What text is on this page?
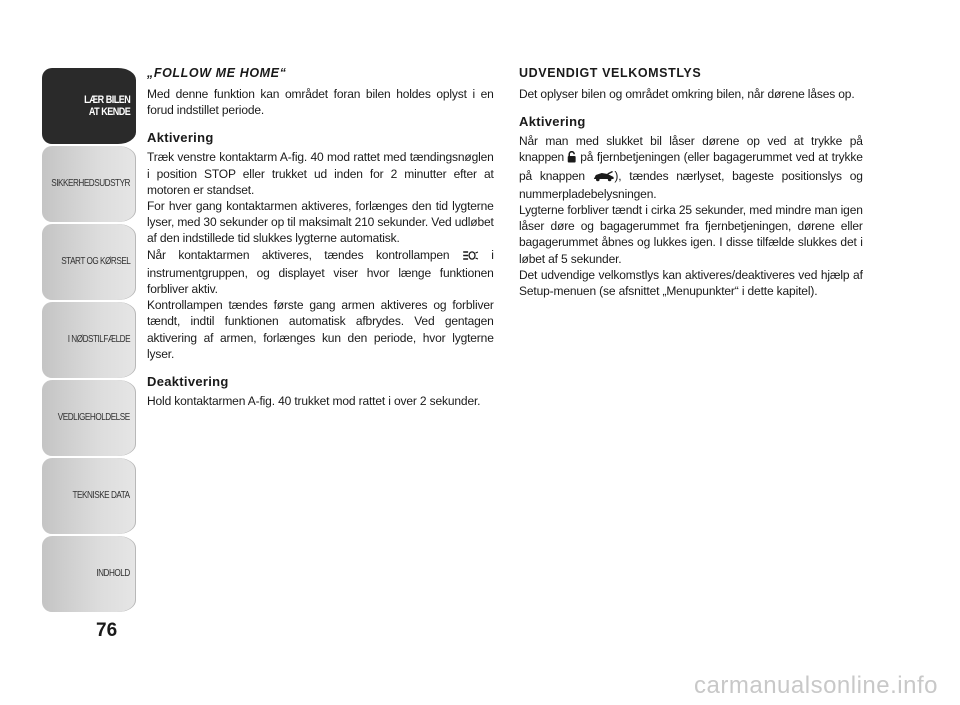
LÆR BILEN
AT KENDE
SIKKERHEDSUDSTYR
START OG KØRSEL
I NØDSTILFÆLDE
VEDLIGEHOLDELSE
TEKNISKE DATA
INDHOLD
76
„FOLLOW ME HOME“

Med denne funktion kan området foran bilen holdes oplyst i en forud indstillet periode.

Aktivering

Træk venstre kontaktarm A-fig. 40 mod rattet med tændingsnøglen i position STOP eller trukket ud inden for 2 minutter efter at motoren er standset.

For hver gang kontaktarmen aktiveres, forlænges den tid lygterne lyser, med 30 sekunder op til maksimalt 210 sekunder. Ved udløbet af den indstillede tid slukkes lygterne automatisk.

Når kontaktarmen aktiveres, tændes kontrollampen  i instrumentgruppen, og displayet viser hvor længe funktionen forbliver aktiv.

Kontrollampen tændes første gang armen aktiveres og forbliver tændt, indtil funktionen automatisk afbrydes. Ved gentagen aktivering af armen, forlænges kun den periode, hvor lygterne lyser.

Deaktivering

Hold kontaktarmen A-fig. 40 trukket mod rattet i over 2 sekunder.

UDVENDIGT VELKOMSTLYS

Det oplyser bilen og området omkring bilen, når dørene låses op.

Aktivering

Når man med slukket bil låser dørene op ved at trykke på knappen  på fjernbetjeningen (eller bagagerummet ved at trykke på knappen ), tændes nærlyset, bageste positionslys og nummerpladebelysningen.

Lygterne forbliver tændt i cirka 25 sekunder, med mindre man igen låser døre og bagagerummet fra fjernbetjeningen, dørene eller bagagerummet åbnes og lukkes igen. I disse tilfælde slukkes det i løbet af 5 sekunder.

Det udvendige velkomstlys kan aktiveres/deaktiveres ved hjælp af Setup-menuen (se afsnittet „Menupunkter“ i dette kapitel).

carmanualsonline.info
